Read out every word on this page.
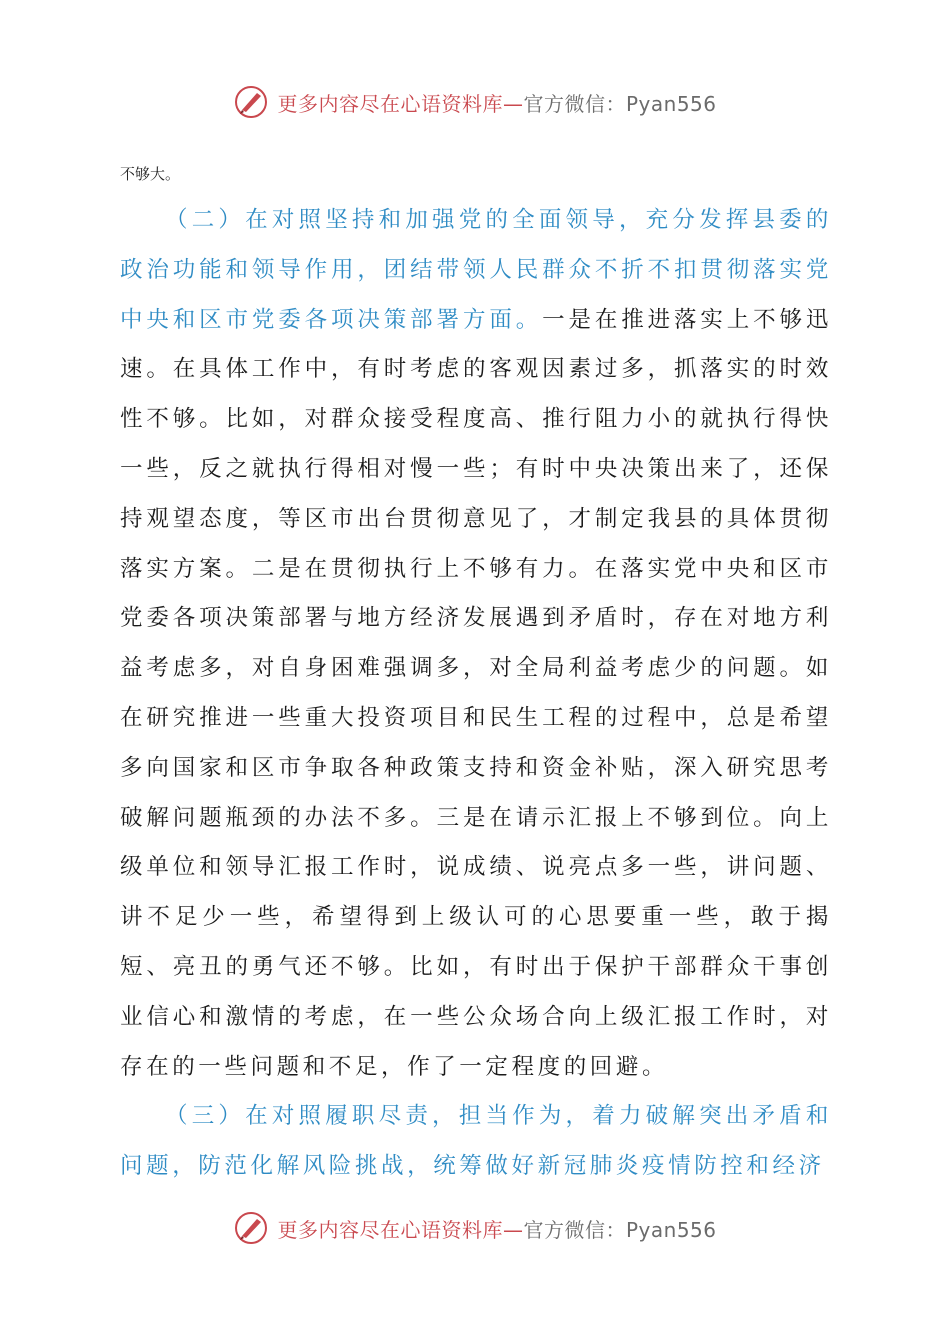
更多内容尽在心语资料库—官方微信：Pyan556

不够大。

（二）在对照坚持和加强党的全面领导，充分发挥县委的政治功能和领导作用，团结带领人民群众不折不扣贯彻落实党中央和区市党委各项决策部署方面。一是在推进落实上不够迅速。在具体工作中，有时考虑的客观因素过多，抓落实的时效性不够。比如，对群众接受程度高、推行阻力小的就执行得快一些，反之就执行得相对慢一些；有时中央决策出来了，还保持观望态度，等区市出台贯彻意见了，才制定我县的具体贯彻落实方案。二是在贯彻执行上不够有力。在落实党中央和区市党委各项决策部署与地方经济发展遇到矛盾时，存在对地方利益考虑多，对自身困难强调多，对全局利益考虑少的问题。如在研究推进一些重大投资项目和民生工程的过程中，总是希望多向国家和区市争取各种政策支持和资金补贴，深入研究思考破解问题瓶颈的办法不多。三是在请示汇报上不够到位。向上级单位和领导汇报工作时，说成绩、说亮点多一些，讲问题、讲不足少一些，希望得到上级认可的心思要重一些，敢于揭短、亮丑的勇气还不够。比如，有时出于保护干部群众干事创业信心和激情的考虑，在一些公众场合向上级汇报工作时，对存在的一些问题和不足，作了一定程度的回避。

（三）在对照履职尽责，担当作为，着力破解突出矛盾和问题，防范化解风险挑战，统筹做好新冠肺炎疫情防控和经济

更多内容尽在心语资料库—官方微信：Pyan556
